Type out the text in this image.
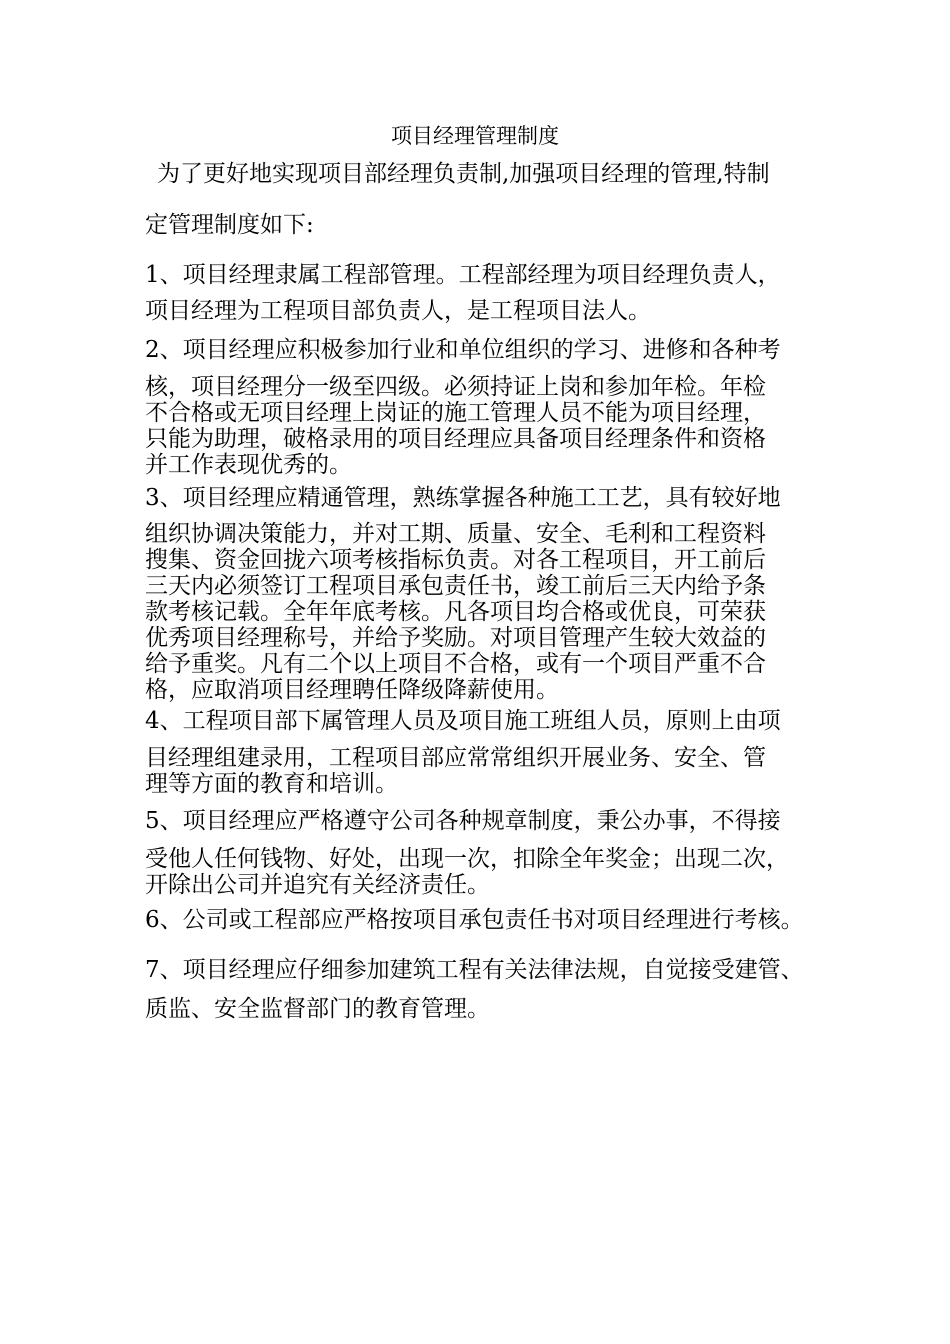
项目经理管理制度
为了更好地实现项目部经理负责制,加强项目经理的管理,特制
定管理制度如下:
1、项目经理隶属工程部管理。工程部经理为项目经理负责人，
项目经理为工程项目部负责人，是工程项目法人。
2、项目经理应积极参加行业和单位组织的学习、进修和各种考
核，项目经理分一级至四级。必须持证上岗和参加年检。年检
不合格或无项目经理上岗证的施工管理人员不能为项目经理，
只能为助理，破格录用的项目经理应具备项目经理条件和资格
并工作表现优秀的。
3、项目经理应精通管理，熟练掌握各种施工工艺，具有较好地
组织协调决策能力，并对工期、质量、安全、毛利和工程资料
搜集、资金回拢六项考核指标负责。对各工程项目，开工前后
三天内必须签订工程项目承包责任书，竣工前后三天内给予条
款考核记载。全年年底考核。凡各项目均合格或优良，可荣获
优秀项目经理称号，并给予奖励。对项目管理产生较大效益的
给予重奖。凡有二个以上项目不合格，或有一个项目严重不合
格，应取消项目经理聘任降级降薪使用。
4、工程项目部下属管理人员及项目施工班组人员，原则上由项
目经理组建录用，工程项目部应常常组织开展业务、安全、管
理等方面的教育和培训。
5、项目经理应严格遵守公司各种规章制度，秉公办事，不得接
受他人任何钱物、好处，出现一次，扣除全年奖金；出现二次，
开除出公司并追究有关经济责任。
6、公司或工程部应严格按项目承包责任书对项目经理进行考核。
7、项目经理应仔细参加建筑工程有关法律法规，自觉接受建管、
质监、安全监督部门的教育管理。
